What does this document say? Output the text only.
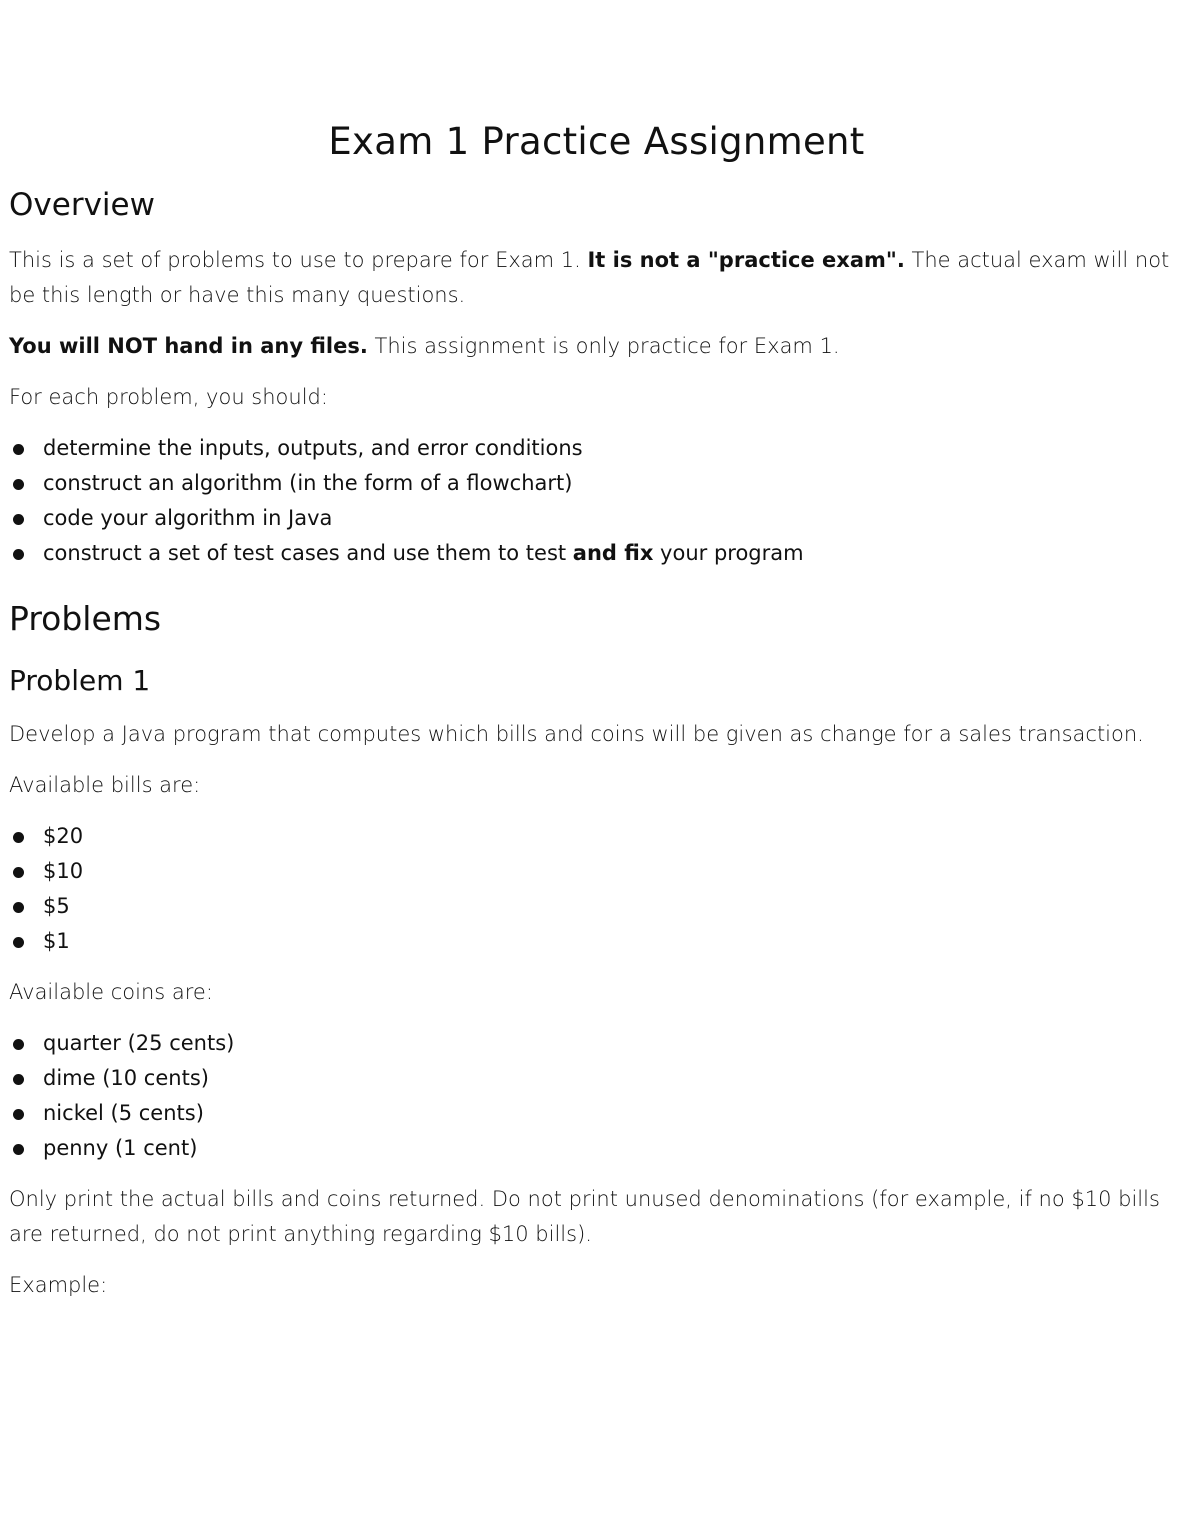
Exam 1 Practice Assignment
Overview

This is a set of problems to use to prepare for Exam 1. It is not a "practice exam". The actual exam will not be this length or have this many questions.

You will NOT hand in any files. This assignment is only practice for Exam 1.

For each problem, you should:

determine the inputs, outputs, and error conditions
construct an algorithm (in the form of a flowchart)
code your algorithm in Java
construct a set of test cases and use them to test and fix your program
Problems
Problem 1

Develop a Java program that computes which bills and coins will be given as change for a sales transaction.

Available bills are:

$20
$10
$5
$1

Available coins are:

quarter (25 cents)
dime (10 cents)
nickel (5 cents)
penny (1 cent)

Only print the actual bills and coins returned. Do not print unused denominations (for example, if no $10 bills are returned, do not print anything regarding $10 bills).

Example:
